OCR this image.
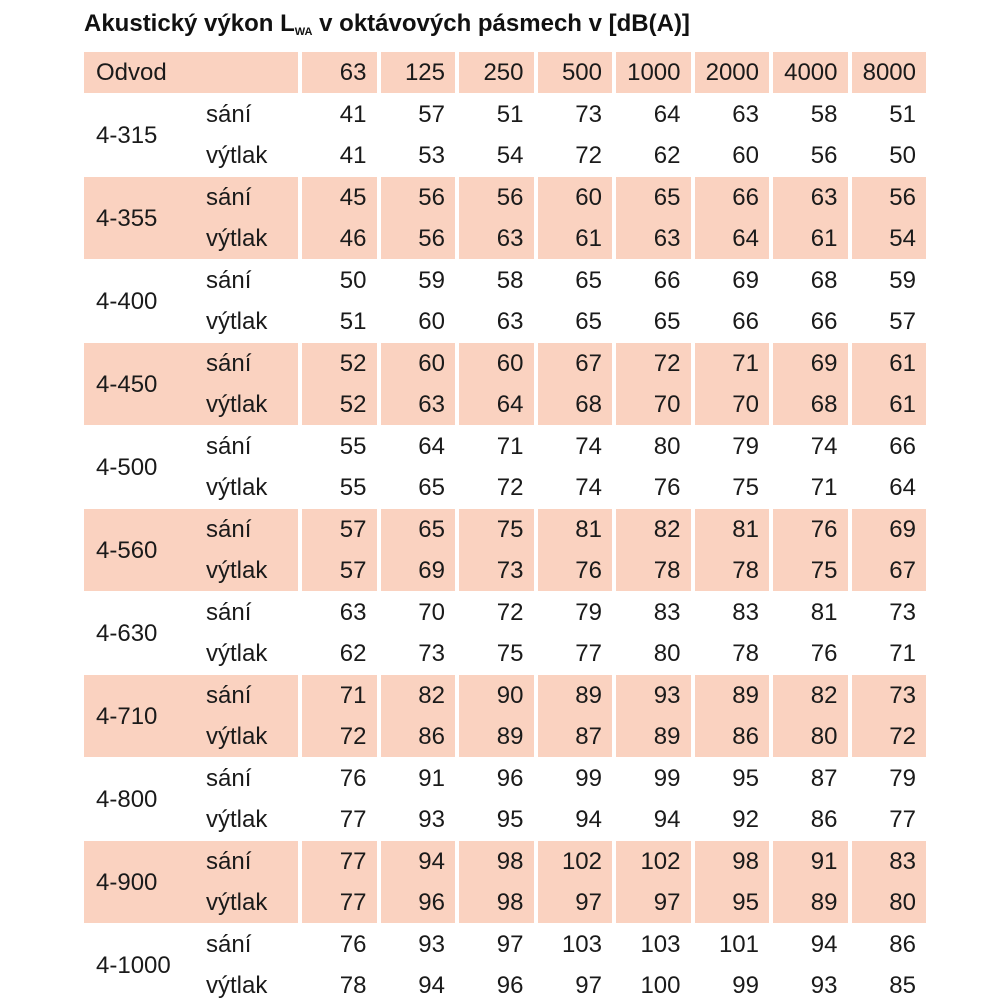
Akustický výkon $L_{WA}$ v oktávových pásmech v [dB(A)]
Odvod		63	125	250	500	1000	2000	4000	8000
4-315	sání	41	57	51	73	64	63	58	51
	výtlak	41	53	54	72	62	60	56	50
4-355	sání	45	56	56	60	65	66	63	56
	výtlak	46	56	63	61	63	64	61	54
4-400	sání	50	59	58	65	66	69	68	59
	výtlak	51	60	63	65	65	66	66	57
4-450	sání	52	60	60	67	72	71	69	61
	výtlak	52	63	64	68	70	70	68	61
4-500	sání	55	64	71	74	80	79	74	66
	výtlak	55	65	72	74	76	75	71	64
4-560	sání	57	65	75	81	82	81	76	69
	výtlak	57	69	73	76	78	78	75	67
4-630	sání	63	70	72	79	83	83	81	73
	výtlak	62	73	75	77	80	78	76	71
4-710	sání	71	82	90	89	93	89	82	73
	výtlak	72	86	89	87	89	86	80	72
4-800	sání	76	91	96	99	99	95	87	79
	výtlak	77	93	95	94	94	92	86	77
4-900	sání	77	94	98	102	102	98	91	83
	výtlak	77	96	98	97	97	95	89	80
4-1000	sání	76	93	97	103	103	101	94	86
	výtlak	78	94	96	97	100	99	93	85
